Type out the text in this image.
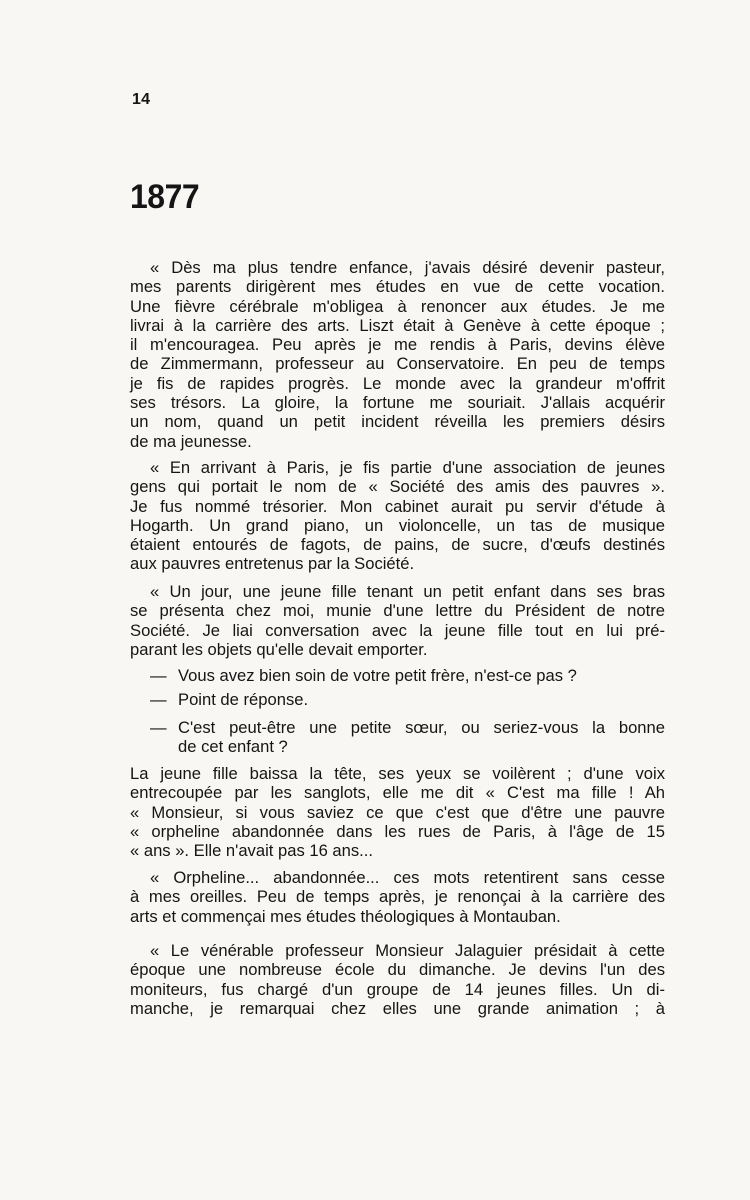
14
1877
« Dès ma plus tendre enfance, j'avais désiré devenir pasteur,
mes parents dirigèrent mes études en vue de cette vocation.
Une fièvre cérébrale m'obligea à renoncer aux études. Je me
livrai à la carrière des arts. Liszt était à Genève à cette époque ;
il m'encouragea. Peu après je me rendis à Paris, devins élève
de Zimmermann, professeur au Conservatoire. En peu de temps
je fis de rapides progrès. Le monde avec la grandeur m'offrit
ses trésors. La gloire, la fortune me souriait. J'allais acquérir
un nom, quand un petit incident réveilla les premiers désirs
de ma jeunesse.
« En arrivant à Paris, je fis partie d'une association de jeunes
gens qui portait le nom de « Société des amis des pauvres ».
Je fus nommé trésorier. Mon cabinet aurait pu servir d'étude à
Hogarth. Un grand piano, un violoncelle, un tas de musique
étaient entourés de fagots, de pains, de sucre, d'œufs destinés
aux pauvres entretenus par la Société.
« Un jour, une jeune fille tenant un petit enfant dans ses bras
se présenta chez moi, munie d'une lettre du Président de notre
Société. Je liai conversation avec la jeune fille tout en lui pré-
parant les objets qu'elle devait emporter.
— Vous avez bien soin de votre petit frère, n'est-ce pas ?
— Point de réponse.
— C'est peut-être une petite sœur, ou seriez-vous la bonne
de cet enfant ?
La jeune fille baissa la tête, ses yeux se voilèrent ; d'une voix
entrecoupée par les sanglots, elle me dit « C'est ma fille ! Ah
« Monsieur, si vous saviez ce que c'est que d'être une pauvre
« orpheline abandonnée dans les rues de Paris, à l'âge de 15
« ans ». Elle n'avait pas 16 ans...
« Orpheline... abandonnée... ces mots retentirent sans cesse
à mes oreilles. Peu de temps après, je renonçai à la carrière des
arts et commençai mes études théologiques à Montauban.
« Le vénérable professeur Monsieur Jalaguier présidait à cette
époque une nombreuse école du dimanche. Je devins l'un des
moniteurs, fus chargé d'un groupe de 14 jeunes filles. Un di-
manche, je remarquai chez elles une grande animation ; à
